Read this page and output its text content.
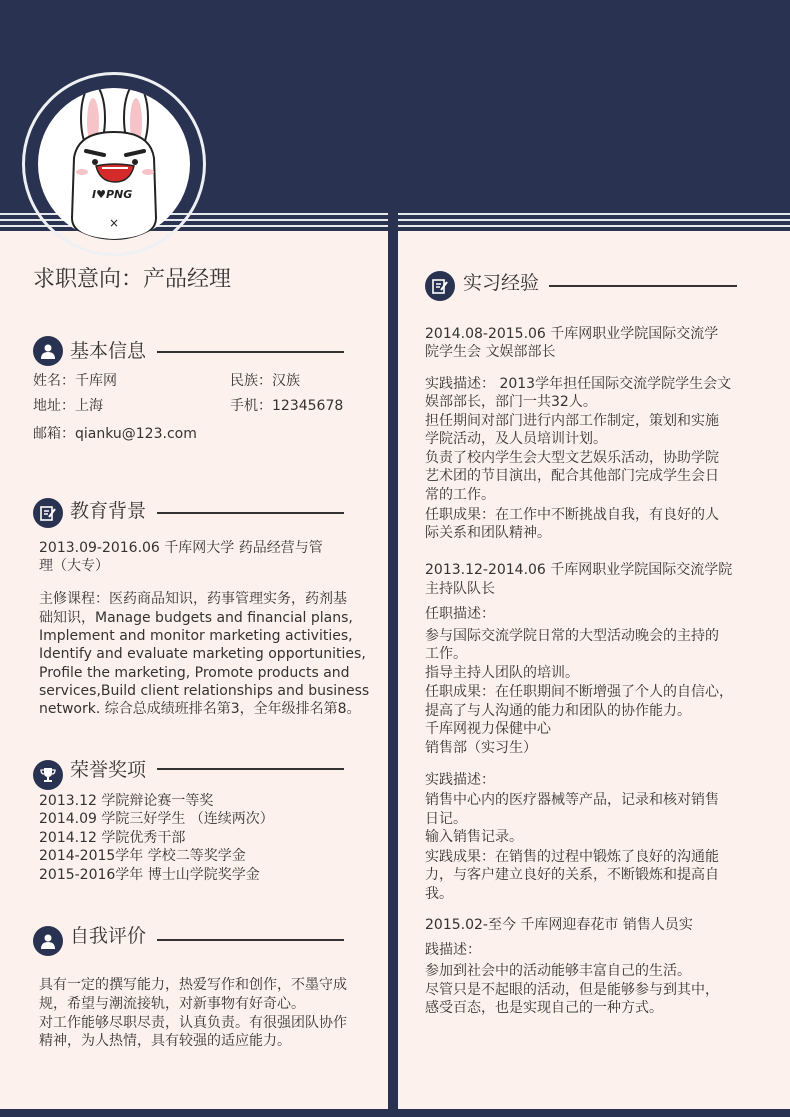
I♥PNG
×
求职意向：产品经理
基本信息
姓名：千库网	民族：汉族
地址：上海	手机：12345678
邮箱：qianku@123.com
教育背景
2013.09-2016.06 千库网大学 药品经营与管
理（大专）
主修课程：医药商品知识，药事管理实务，药剂基
础知识，Manage budgets and financial plans,
Implement and monitor marketing activities,
Identify and evaluate marketing opportunities,
Profile the marketing, Promote products and
services,Build client relationships and business
network. 综合总成绩班排名第3，全年级排名第8。
荣誉奖项
2013.12 学院辩论赛一等奖
2014.09 学院三好学生 （连续两次）
2014.12 学院优秀干部
2014-2015学年 学校二等奖学金
2015-2016学年 博士山学院奖学金
自我评价
具有一定的撰写能力，热爱写作和创作，不墨守成
规，希望与潮流接轨，对新事物有好奇心。
对工作能够尽职尽责，认真负责。有很强团队协作
精神，为人热情，具有较强的适应能力。
实习经验
2014.08-2015.06 千库网职业学院国际交流学
院学生会 文娱部部长
实践描述： 2013学年担任国际交流学院学生会文
娱部部长，部门一共32人。
担任期间对部门进行内部工作制定，策划和实施
学院活动，及人员培训计划。
负责了校内学生会大型文艺娱乐活动，协助学院
艺术团的节目演出，配合其他部门完成学生会日
常的工作。
任职成果：在工作中不断挑战自我，有良好的人
际关系和团队精神。
2013.12-2014.06 千库网职业学院国际交流学院
主持队队长
任职描述：
参与国际交流学院日常的大型活动晚会的主持的
工作。
指导主持人团队的培训。
任职成果：在任职期间不断增强了个人的自信心，
提高了与人沟通的能力和团队的协作能力。
千库网视力保健中心
销售部（实习生）
实践描述：
销售中心内的医疗器械等产品，记录和核对销售
日记。
输入销售记录。
实践成果：在销售的过程中锻炼了良好的沟通能
力，与客户建立良好的关系，不断锻炼和提高自
我。
2015.02-至今 千库网迎春花市 销售人员实
践描述：
参加到社会中的活动能够丰富自己的生活。
尽管只是不起眼的活动，但是能够参与到其中，
感受百态，也是实现自己的一种方式。
